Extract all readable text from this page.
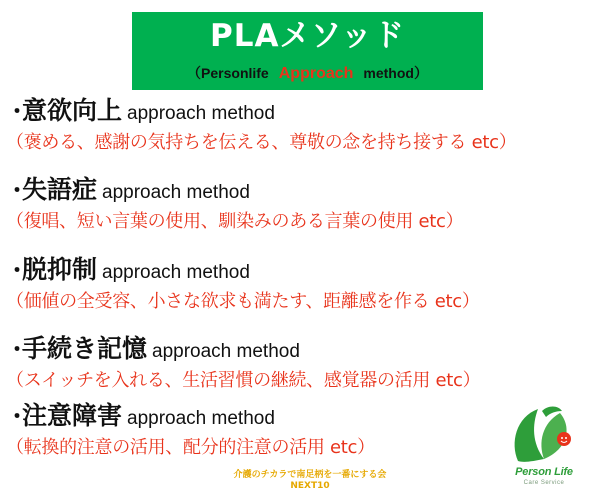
PLAメソッド
（Personlife Approach method）
・意欲向上 approach method
（褒める、感謝の気持ちを伝える、尊敬の念を持ち接する etc）
・失語症 approach method
（復唱、短い言葉の使用、馴染みのある言葉の使用 etc）
・脱抑制 approach method
（価値の全受容、小さな欲求も満たす、距離感を作る etc）
・手続き記憶 approach method
（スイッチを入れる、生活習慣の継続、感覚器の活用 etc）
・注意障害 approach method
（転換的注意の活用、配分的注意の活用 etc）
介護のチカラで南足柄を一番にする会
NEXT10
Person Life
Care Service
